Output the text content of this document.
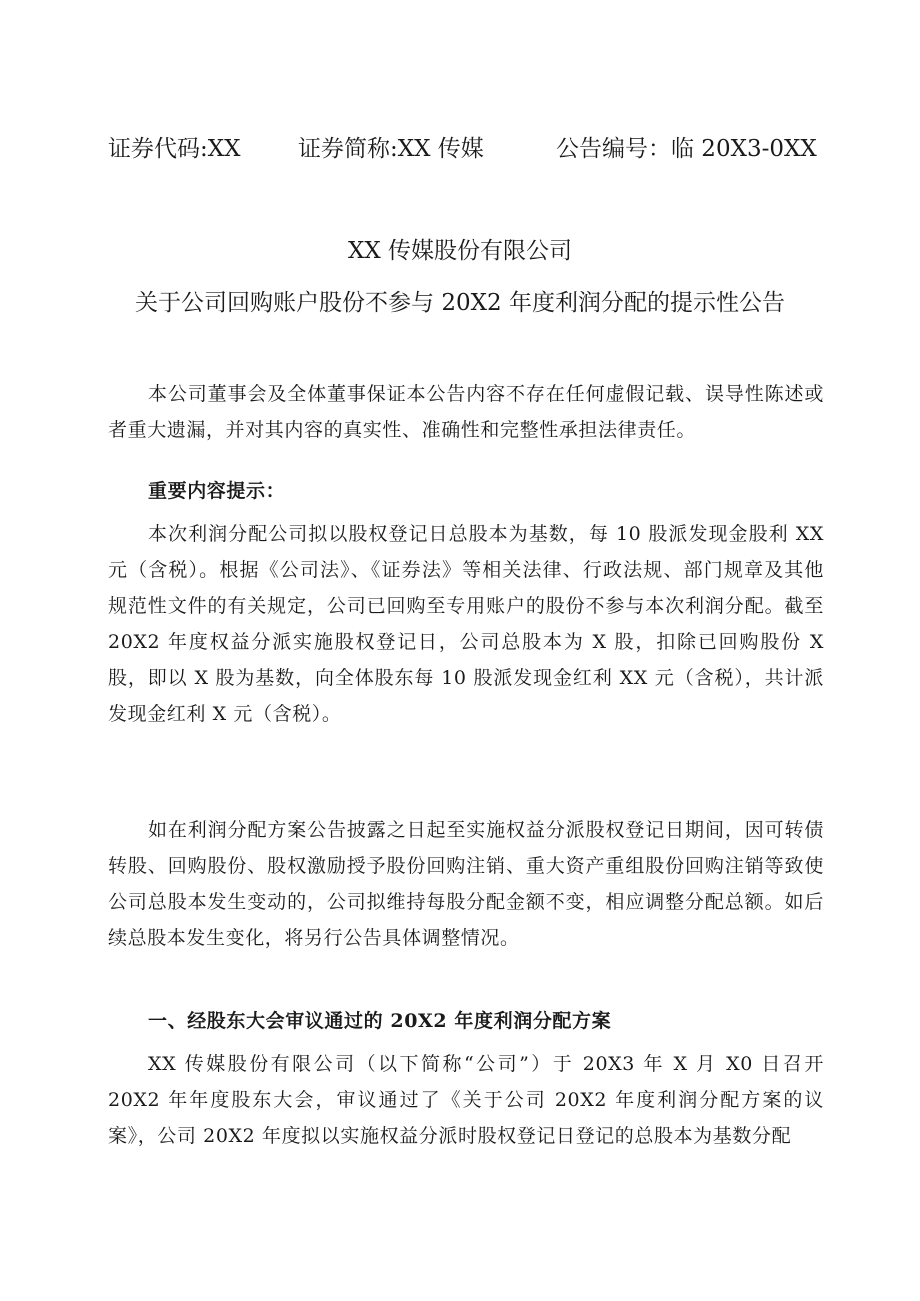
证券代码:XX	证券简称:XX 传媒	公告编号：临 20X3-0XX
XX 传媒股份有限公司
关于公司回购账户股份不参与 20X2 年度利润分配的提示性公告
本公司董事会及全体董事保证本公告内容不存在任何虚假记载、误导性陈述或者重大遗漏，并对其内容的真实性、准确性和完整性承担法律责任。
重要内容提示：
本次利润分配公司拟以股权登记日总股本为基数，每 10 股派发现金股利 XX 元（含税）。根据《公司法》、《证券法》等相关法律、行政法规、部门规章及其他规范性文件的有关规定，公司已回购至专用账户的股份不参与本次利润分配。截至 20X2 年度权益分派实施股权登记日，公司总股本为 X 股，扣除已回购股份 X 股，即以 X 股为基数，向全体股东每 10 股派发现金红利 XX 元（含税），共计派发现金红利 X 元（含税）。
如在利润分配方案公告披露之日起至实施权益分派股权登记日期间，因可转债转股、回购股份、股权激励授予股份回购注销、重大资产重组股份回购注销等致使公司总股本发生变动的，公司拟维持每股分配金额不变，相应调整分配总额。如后续总股本发生变化，将另行公告具体调整情况。
一、经股东大会审议通过的 20X2 年度利润分配方案
XX 传媒股份有限公司（以下简称“公司”）于 20X3 年 X 月 X0 日召开 20X2 年年度股东大会，审议通过了《关于公司 20X2 年度利润分配方案的议案》，公司 20X2 年度拟以实施权益分派时股权登记日登记的总股本为基数分配
